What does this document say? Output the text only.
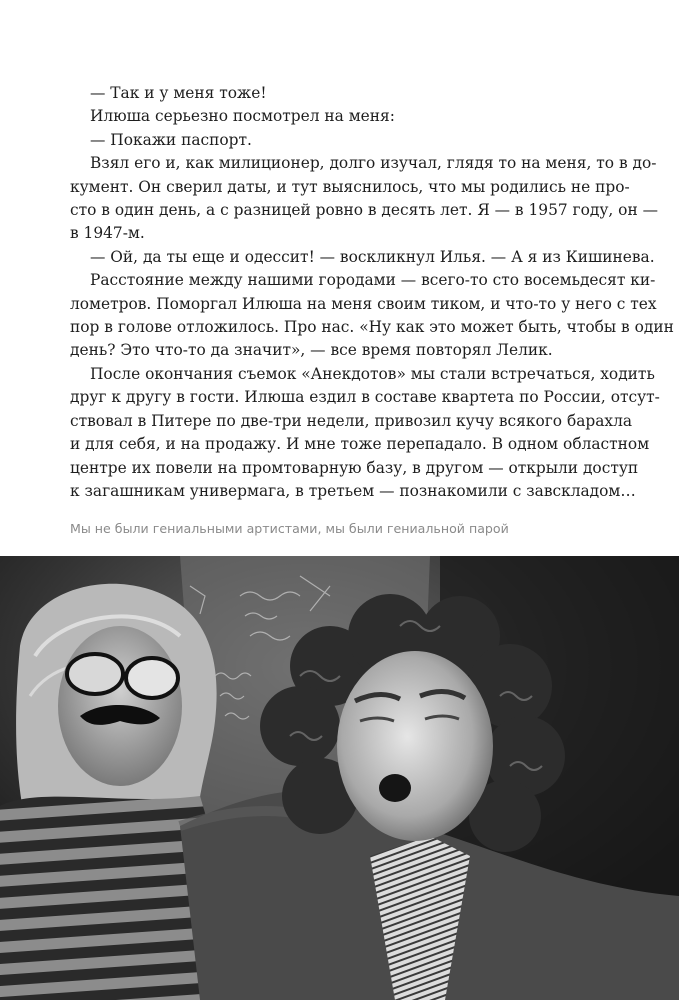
— Так и у меня тоже!

Илюша серьезно посмотрел на меня:

— Покажи паспорт.

Взял его и, как милиционер, долго изучал, глядя то на меня, то в до-
кумент. Он сверил даты, и тут выяснилось, что мы родились не про-
сто в один день, а с разницей ровно в десять лет. Я — в 1957 году, он —
в 1947-м.

— Ой, да ты еще и одессит! — воскликнул Илья. — А я из Кишинева.

Расстояние между нашими городами — всего-то сто восемьдесят ки-
лометров. Поморгал Илюша на меня своим тиком, и что-то у него с тех
пор в голове отложилось. Про нас. «Ну как это может быть, чтобы в один
день? Это что-то да значит», — все время повторял Лелик.

После окончания съемок «Анекдотов» мы стали встречаться, ходить
друг к другу в гости. Илюша ездил в составе квартета по России, отсут-
ствовал в Питере по две-три недели, привозил кучу всякого барахла
и для себя, и на продажу. И мне тоже перепадало. В одном областном
центре их повели на промтоварную базу, в другом — открыли доступ
к загашникам универмага, в третьем — познакомили с завскладом…

Мы не были гениальными артистами, мы были гениальной парой
